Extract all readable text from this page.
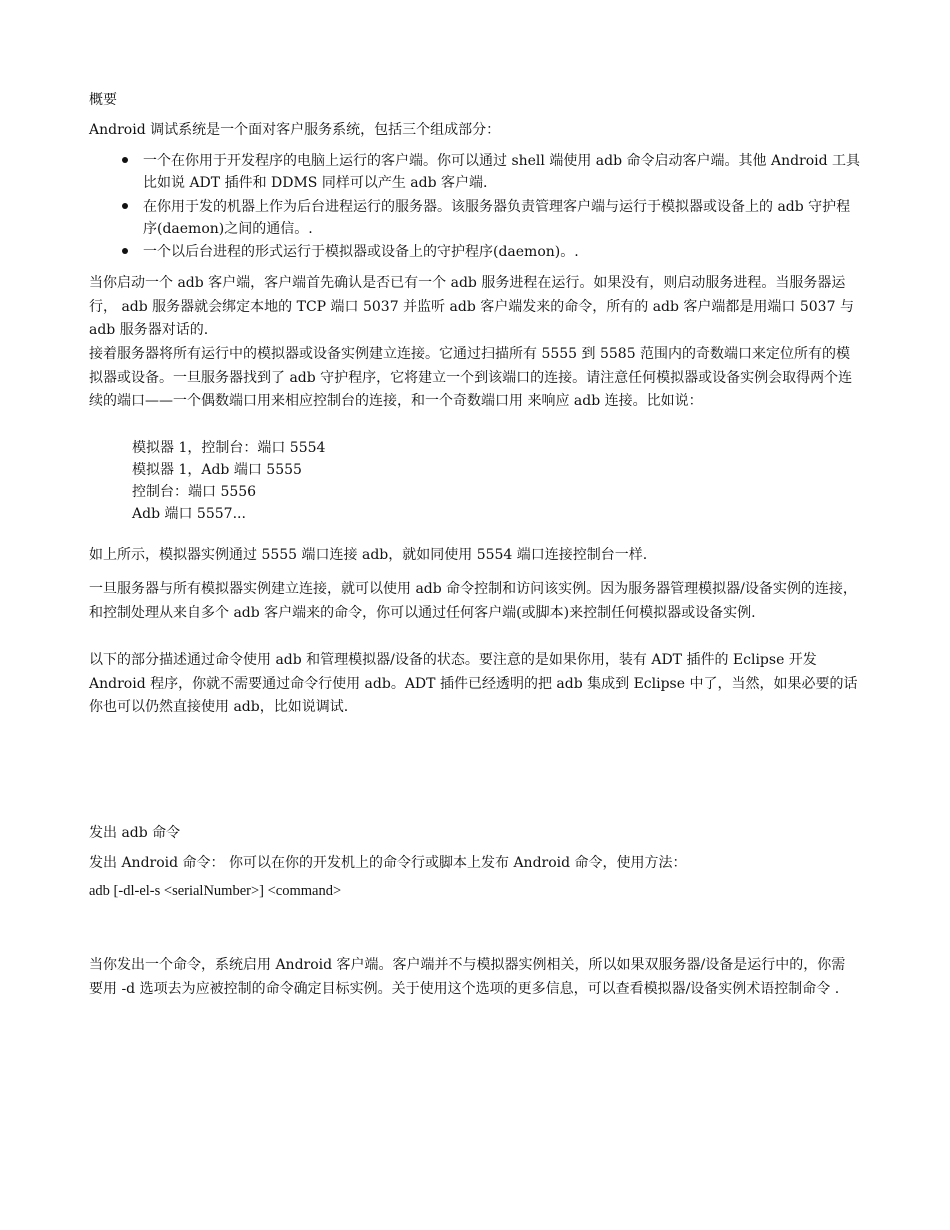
概要
Android 调试系统是一个面对客户服务系统，包括三个组成部分：
一个在你用于开发程序的电脑上运行的客户端。你可以通过 shell 端使用 adb 命令启动客户端。其他 Android 工具比如说 ADT 插件和 DDMS 同样可以产生 adb 客户端.
在你用于发的机器上作为后台进程运行的服务器。该服务器负责管理客户端与运行于模拟器或设备上的 adb 守护程序(daemon)之间的通信。.
一个以后台进程的形式运行于模拟器或设备上的守护程序(daemon)。.
当你启动一个 adb 客户端，客户端首先确认是否已有一个 adb 服务进程在运行。如果没有，则启动服务进程。当服务器运行， adb 服务器就会绑定本地的 TCP 端口 5037 并监听 adb 客户端发来的命令，所有的 adb 客户端都是用端口 5037 与 adb 服务器对话的.
接着服务器将所有运行中的模拟器或设备实例建立连接。它通过扫描所有 5555 到 5585 范围内的奇数端口来定位所有的模拟器或设备。一旦服务器找到了 adb 守护程序，它将建立一个到该端口的连接。请注意任何模拟器或设备实例会取得两个连续的端口——一个偶数端口用来相应控制台的连接，和一个奇数端口用 来响应 adb 连接。比如说：
模拟器 1，控制台：端口 5554
模拟器 1，Adb 端口 5555
控制台：端口 5556
Adb 端口 5557...
如上所示，模拟器实例通过 5555 端口连接 adb，就如同使用 5554 端口连接控制台一样.
一旦服务器与所有模拟器实例建立连接，就可以使用 adb 命令控制和访问该实例。因为服务器管理模拟器/设备实例的连接，和控制处理从来自多个 adb 客户端来的命令，你可以通过任何客户端(或脚本)来控制任何模拟器或设备实例.
以下的部分描述通过命令使用 adb 和管理模拟器/设备的状态。要注意的是如果你用，装有 ADT 插件的 Eclipse 开发 Android 程序，你就不需要通过命令行使用 adb。ADT 插件已经透明的把 adb 集成到 Eclipse 中了，当然，如果必要的话你也可以仍然直接使用 adb，比如说调试.
发出 adb 命令
发出 Android 命令： 你可以在你的开发机上的命令行或脚本上发布 Android 命令，使用方法：
adb [-dl-el-s <serialNumber>] <command>
当你发出一个命令，系统启用 Android 客户端。客户端并不与模拟器实例相关，所以如果双服务器/设备是运行中的，你需要用 -d 选项去为应被控制的命令确定目标实例。关于使用这个选项的更多信息，可以查看模拟器/设备实例术语控制命令 .
